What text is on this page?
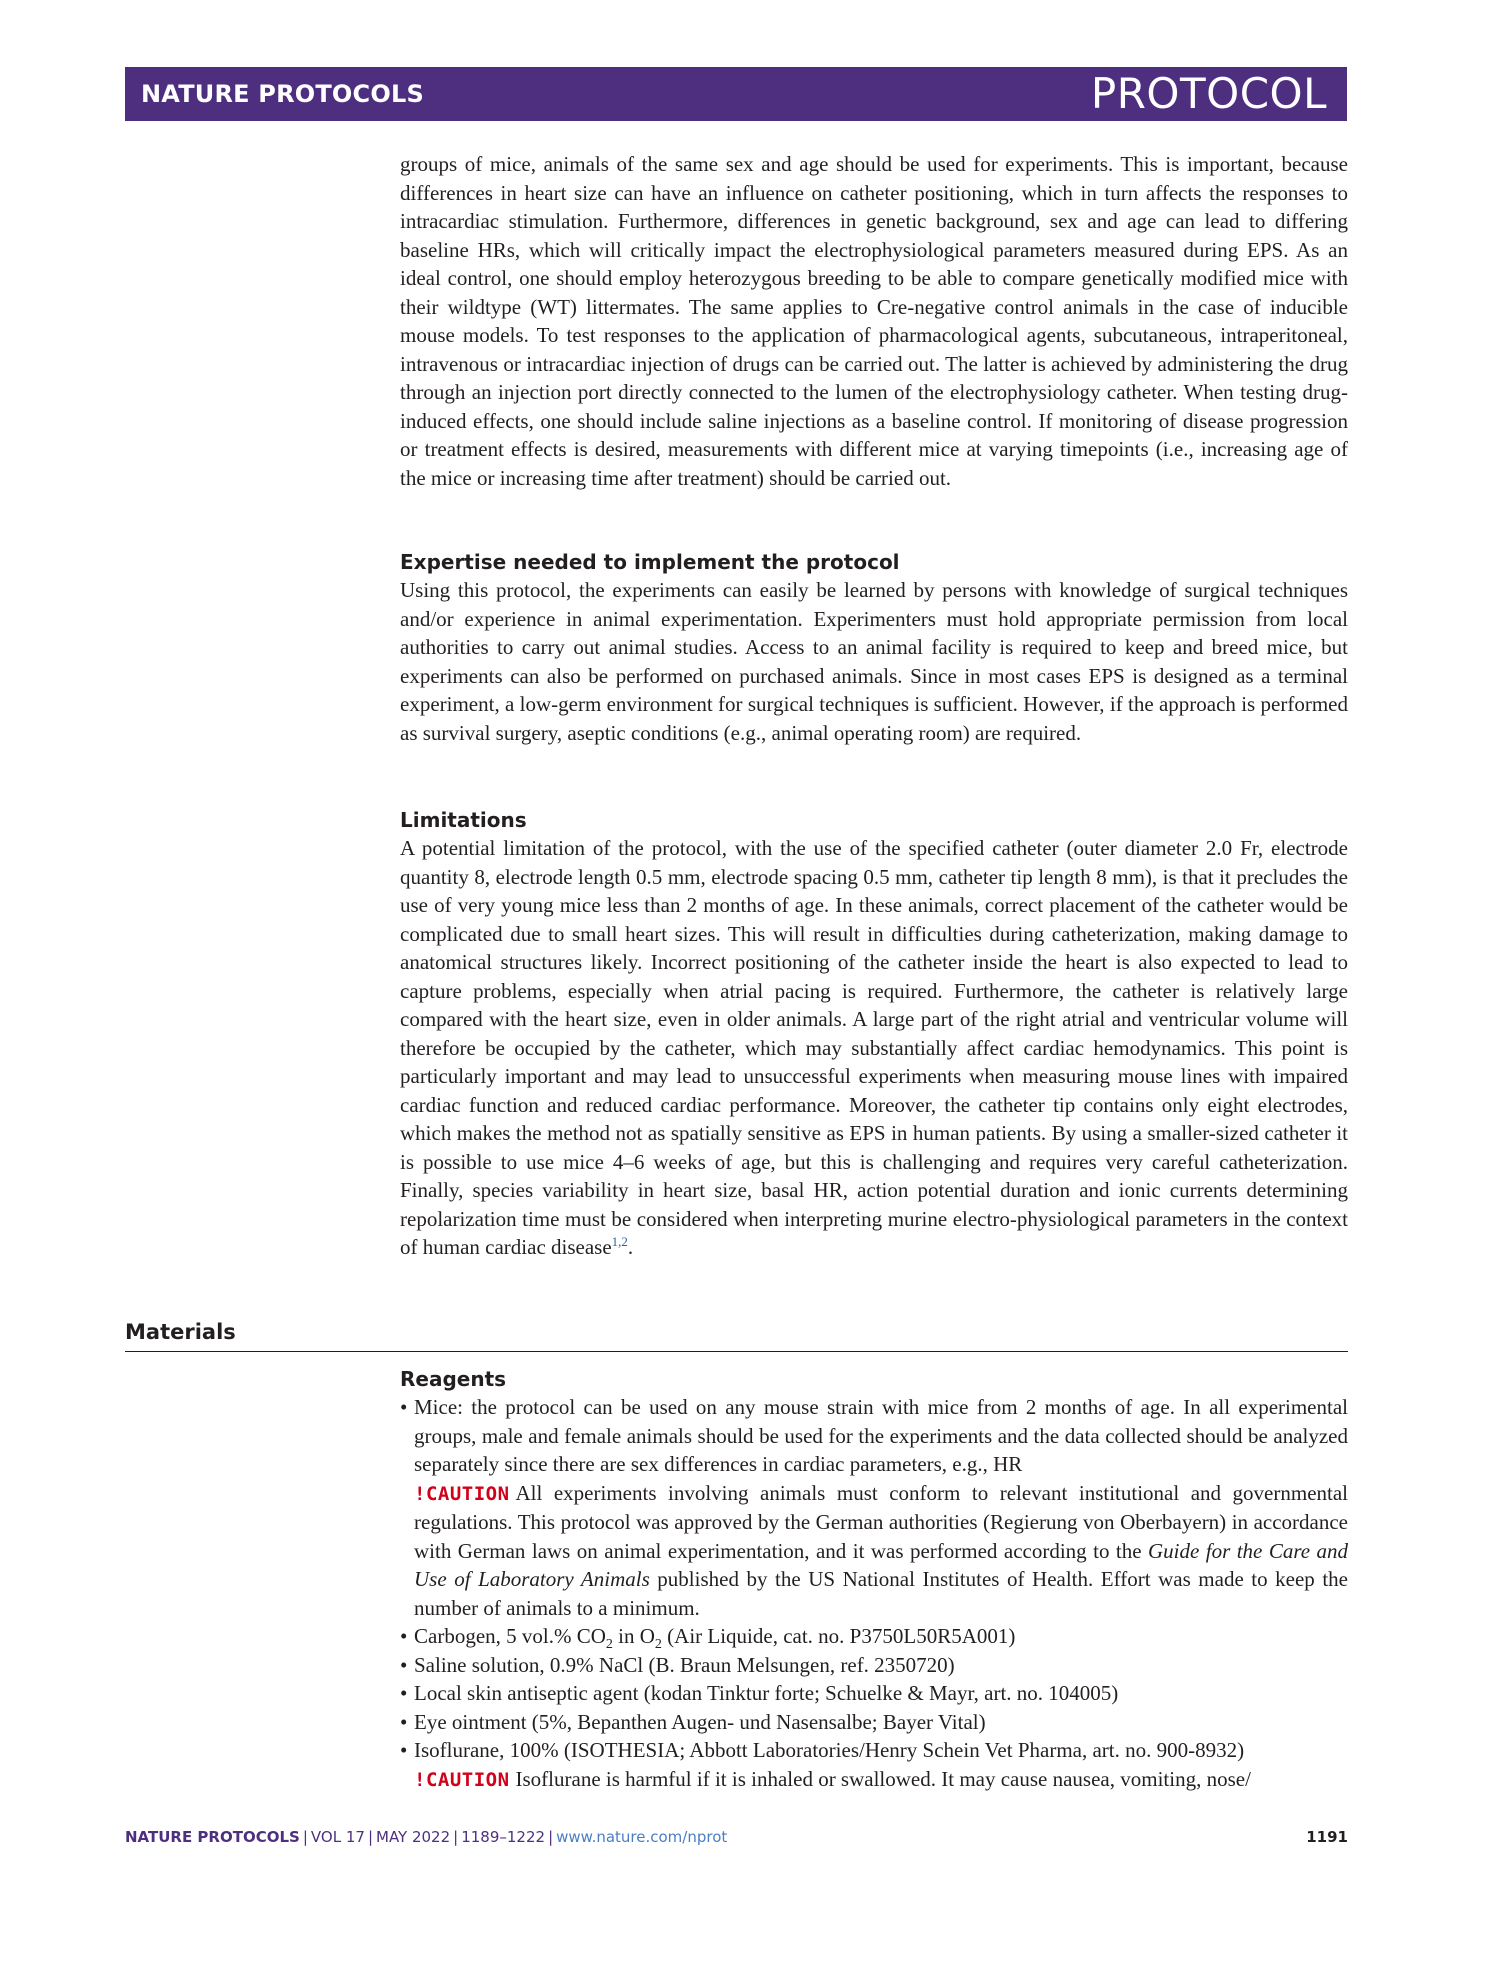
NATURE PROTOCOLS	PROTOCOL

groups of mice, animals of the same sex and age should be used for experiments. This is important, because differences in heart size can have an influence on catheter positioning, which in turn affects the responses to intracardiac stimulation. Furthermore, differences in genetic background, sex and age can lead to differing baseline HRs, which will critically impact the electrophysiological parameters measured during EPS. As an ideal control, one should employ heterozygous breeding to be able to compare genetically modified mice with their wildtype (WT) littermates. The same applies to Cre-negative control animals in the case of inducible mouse models. To test responses to the application of pharmacological agents, subcutaneous, intraperitoneal, intravenous or intracardiac injection of drugs can be carried out. The latter is achieved by administering the drug through an injection port directly connected to the lumen of the electrophysiology catheter. When testing drug-induced effects, one should include saline injections as a baseline control. If monitoring of disease progression or treatment effects is desired, measurements with different mice at varying timepoints (i.e., increasing age of the mice or increasing time after treatment) should be carried out.

Expertise needed to implement the protocol

Using this protocol, the experiments can easily be learned by persons with knowledge of surgical techniques and/or experience in animal experimentation. Experimenters must hold appropriate permission from local authorities to carry out animal studies. Access to an animal facility is required to keep and breed mice, but experiments can also be performed on purchased animals. Since in most cases EPS is designed as a terminal experiment, a low-germ environment for surgical techniques is sufficient. However, if the approach is performed as survival surgery, aseptic conditions (e.g., animal operating room) are required.

Limitations

A potential limitation of the protocol, with the use of the specified catheter (outer diameter 2.0 Fr, electrode quantity 8, electrode length 0.5 mm, electrode spacing 0.5 mm, catheter tip length 8 mm), is that it precludes the use of very young mice less than 2 months of age. In these animals, correct placement of the catheter would be complicated due to small heart sizes. This will result in difficulties during catheterization, making damage to anatomical structures likely. Incorrect positioning of the catheter inside the heart is also expected to lead to capture problems, especially when atrial pacing is required. Furthermore, the catheter is relatively large compared with the heart size, even in older animals. A large part of the right atrial and ventricular volume will therefore be occupied by the catheter, which may substantially affect cardiac hemodynamics. This point is particularly important and may lead to unsuccessful experiments when measuring mouse lines with impaired cardiac function and reduced cardiac performance. Moreover, the catheter tip contains only eight electrodes, which makes the method not as spatially sensitive as EPS in human patients. By using a smaller-sized catheter it is possible to use mice 4–6 weeks of age, but this is challenging and requires very careful catheterization. Finally, species variability in heart size, basal HR, action potential duration and ionic currents determining repolarization time must be considered when interpreting murine electro-physiological parameters in the context of human cardiac disease$^{1,2}$.

Materials
Reagents
• Mice: the protocol can be used on any mouse strain with mice from 2 months of age. In all experimental groups, male and female animals should be used for the experiments and the data collected should be analyzed separately since there are sex differences in cardiac parameters, e.g., HR
!CAUTION All experiments involving animals must conform to relevant institutional and governmental regulations. This protocol was approved by the German authorities (Regierung von Oberbayern) in accordance with German laws on animal experimentation, and it was performed according to the Guide for the Care and Use of Laboratory Animals published by the US National Institutes of Health. Effort was made to keep the number of animals to a minimum.
• Carbogen, 5 vol.% $CO_2$ in $O_2$ (Air Liquide, cat. no. P3750L50R5A001)
• Saline solution, 0.9% NaCl (B. Braun Melsungen, ref. 2350720)
• Local skin antiseptic agent (kodan Tinktur forte; Schuelke & Mayr, art. no. 104005)
• Eye ointment (5%, Bepanthen Augen- und Nasensalbe; Bayer Vital)
• Isoflurane, 100% (ISOTHESIA; Abbott Laboratories/Henry Schein Vet Pharma, art. no. 900-8932)
!CAUTION Isoflurane is harmful if it is inhaled or swallowed. It may cause nausea, vomiting, nose/
NATURE PROTOCOLS | VOL 17 | MAY 2022 | 1189–1222 | www.nature.com/nprot	1191
